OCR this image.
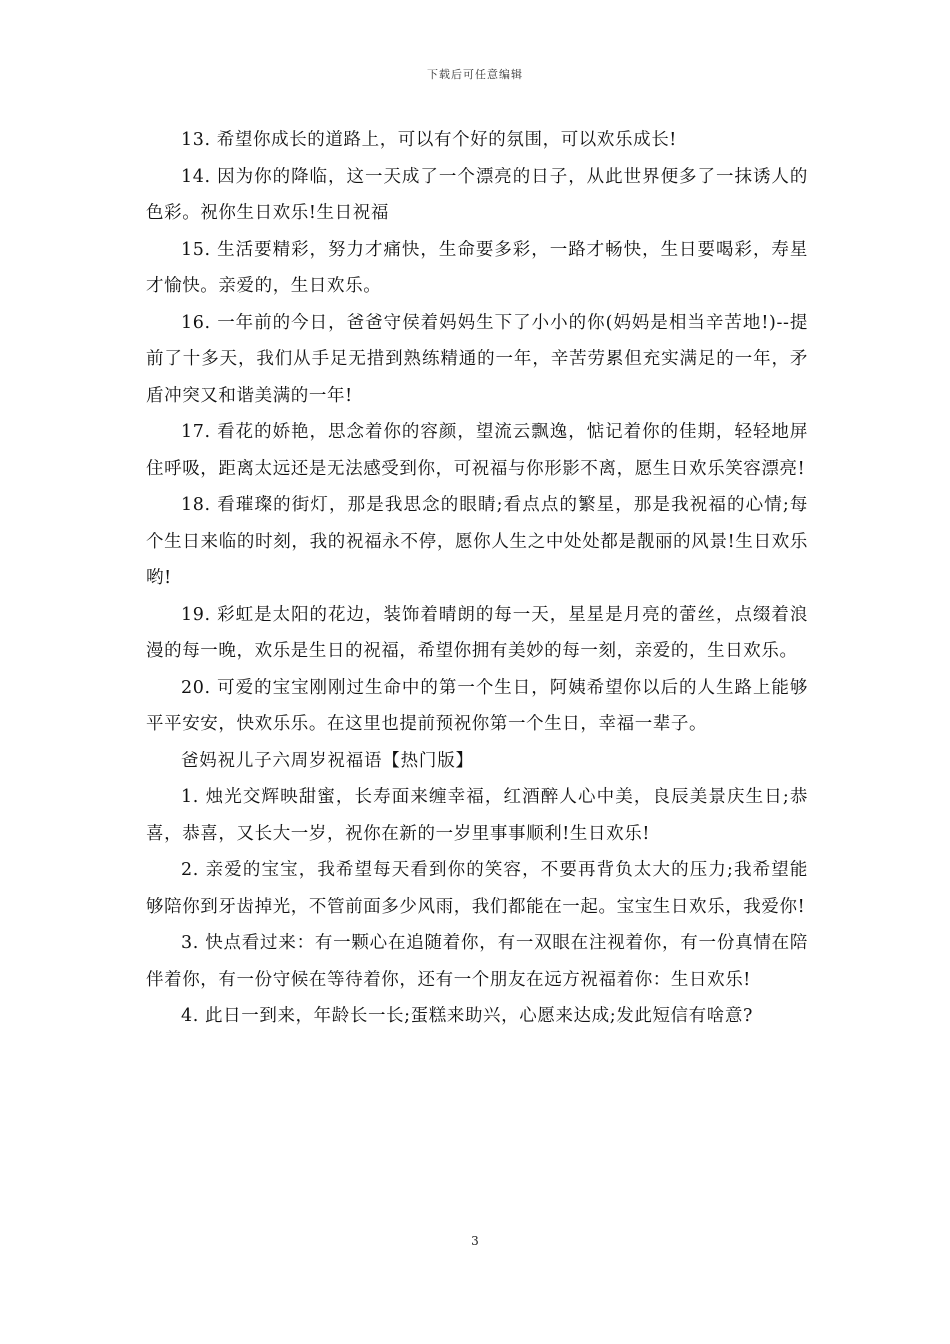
下载后可任意编辑

13. 希望你成长的道路上，可以有个好的氛围，可以欢乐成长!

14. 因为你的降临，这一天成了一个漂亮的日子，从此世界便多了一抹诱人的色彩。祝你生日欢乐!生日祝福

15. 生活要精彩，努力才痛快，生命要多彩，一路才畅快，生日要喝彩，寿星才愉快。亲爱的，生日欢乐。

16. 一年前的今日，爸爸守侯着妈妈生下了小小的你(妈妈是相当辛苦地!)--提前了十多天，我们从手足无措到熟练精通的一年，辛苦劳累但充实满足的一年，矛盾冲突又和谐美满的一年!

17. 看花的娇艳，思念着你的容颜，望流云飘逸，惦记着你的佳期，轻轻地屏住呼吸，距离太远还是无法感受到你，可祝福与你形影不离，愿生日欢乐笑容漂亮!

18. 看璀璨的街灯，那是我思念的眼睛;看点点的繁星，那是我祝福的心情;每个生日来临的时刻，我的祝福永不停，愿你人生之中处处都是靓丽的风景!生日欢乐哟!

19. 彩虹是太阳的花边，装饰着晴朗的每一天，星星是月亮的蕾丝，点缀着浪漫的每一晚，欢乐是生日的祝福，希望你拥有美妙的每一刻，亲爱的，生日欢乐。

20. 可爱的宝宝刚刚过生命中的第一个生日，阿姨希望你以后的人生路上能够平平安安，快欢乐乐。在这里也提前预祝你第一个生日，幸福一辈子。

爸妈祝儿子六周岁祝福语【热门版】

1. 烛光交辉映甜蜜，长寿面来缠幸福，红酒醉人心中美，良辰美景庆生日;恭喜，恭喜，又长大一岁，祝你在新的一岁里事事顺利!生日欢乐!

2. 亲爱的宝宝，我希望每天看到你的笑容，不要再背负太大的压力;我希望能够陪你到牙齿掉光，不管前面多少风雨，我们都能在一起。宝宝生日欢乐，我爱你!

3. 快点看过来：有一颗心在追随着你，有一双眼在注视着你，有一份真情在陪伴着你，有一份守候在等待着你，还有一个朋友在远方祝福着你：生日欢乐!

4. 此日一到来，年龄长一长;蛋糕来助兴，心愿来达成;发此短信有啥意?

3
